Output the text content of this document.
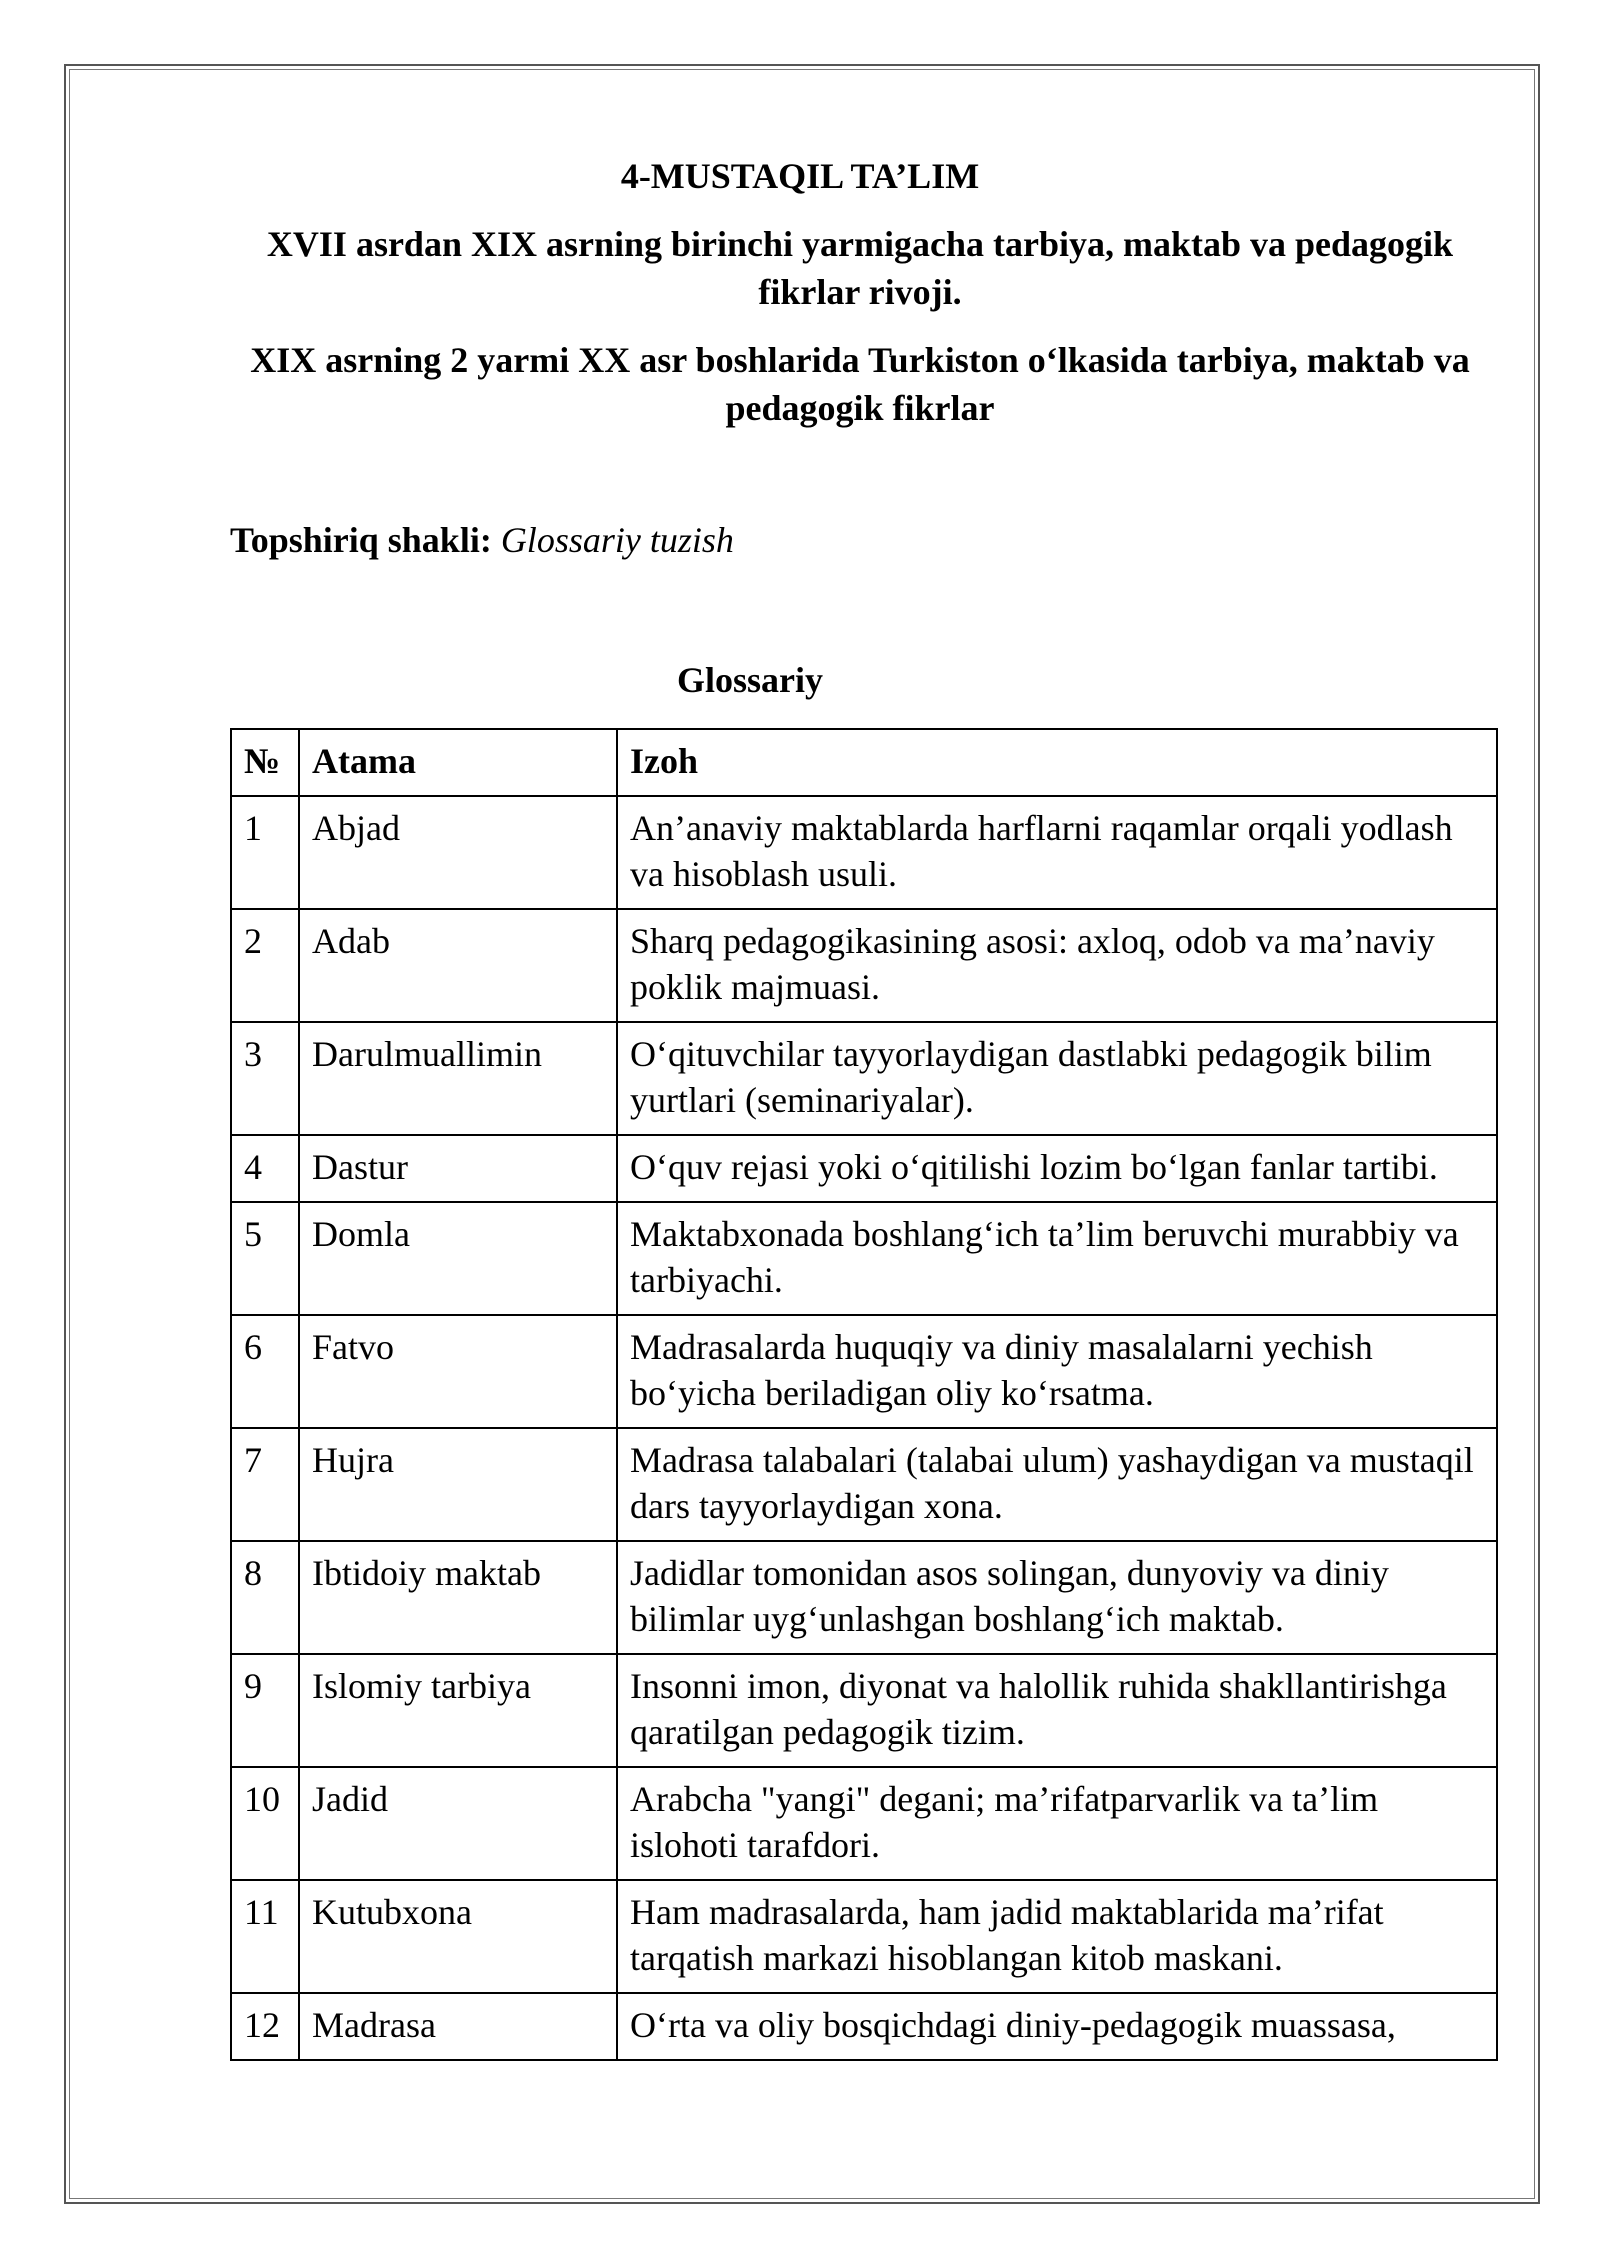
4-MUSTAQIL TA’LIM
XVII asrdan XIX asrning birinchi yarmigacha tarbiya, maktab va pedagogik fikrlar rivoji.
XIX asrning 2 yarmi XX asr boshlarida Turkiston o‘lkasida tarbiya, maktab va pedagogik fikrlar
Topshiriq shakli: Glossariy tuzish
Glossariy
№	Atama	Izoh
1	Abjad	An’anaviy maktablarda harflarni raqamlar orqali yodlash va hisoblash usuli.
2	Adab	Sharq pedagogikasining asosi: axloq, odob va ma’naviy poklik majmuasi.
3	Darulmuallimin	O‘qituvchilar tayyorlaydigan dastlabki pedagogik bilim yurtlari (seminariyalar).
4	Dastur	O‘quv rejasi yoki o‘qitilishi lozim bo‘lgan fanlar tartibi.
5	Domla	Maktabxonada boshlang‘ich ta’lim beruvchi murabbiy va tarbiyachi.
6	Fatvo	Madrasalarda huquqiy va diniy masalalarni yechish bo‘yicha beriladigan oliy ko‘rsatma.
7	Hujra	Madrasa talabalari (talabai ulum) yashaydigan va mustaqil dars tayyorlaydigan xona.
8	Ibtidoiy maktab	Jadidlar tomonidan asos solingan, dunyoviy va diniy bilimlar uyg‘unlashgan boshlang‘ich maktab.
9	Islomiy tarbiya	Insonni imon, diyonat va halollik ruhida shakllantirishga qaratilgan pedagogik tizim.
10	Jadid	Arabcha "yangi" degani; ma’rifatparvarlik va ta’lim islohoti tarafdori.
11	Kutubxona	Ham madrasalarda, ham jadid maktablarida ma’rifat tarqatish markazi hisoblangan kitob maskani.
12	Madrasa	O‘rta va oliy bosqichdagi diniy-pedagogik muassasa,
